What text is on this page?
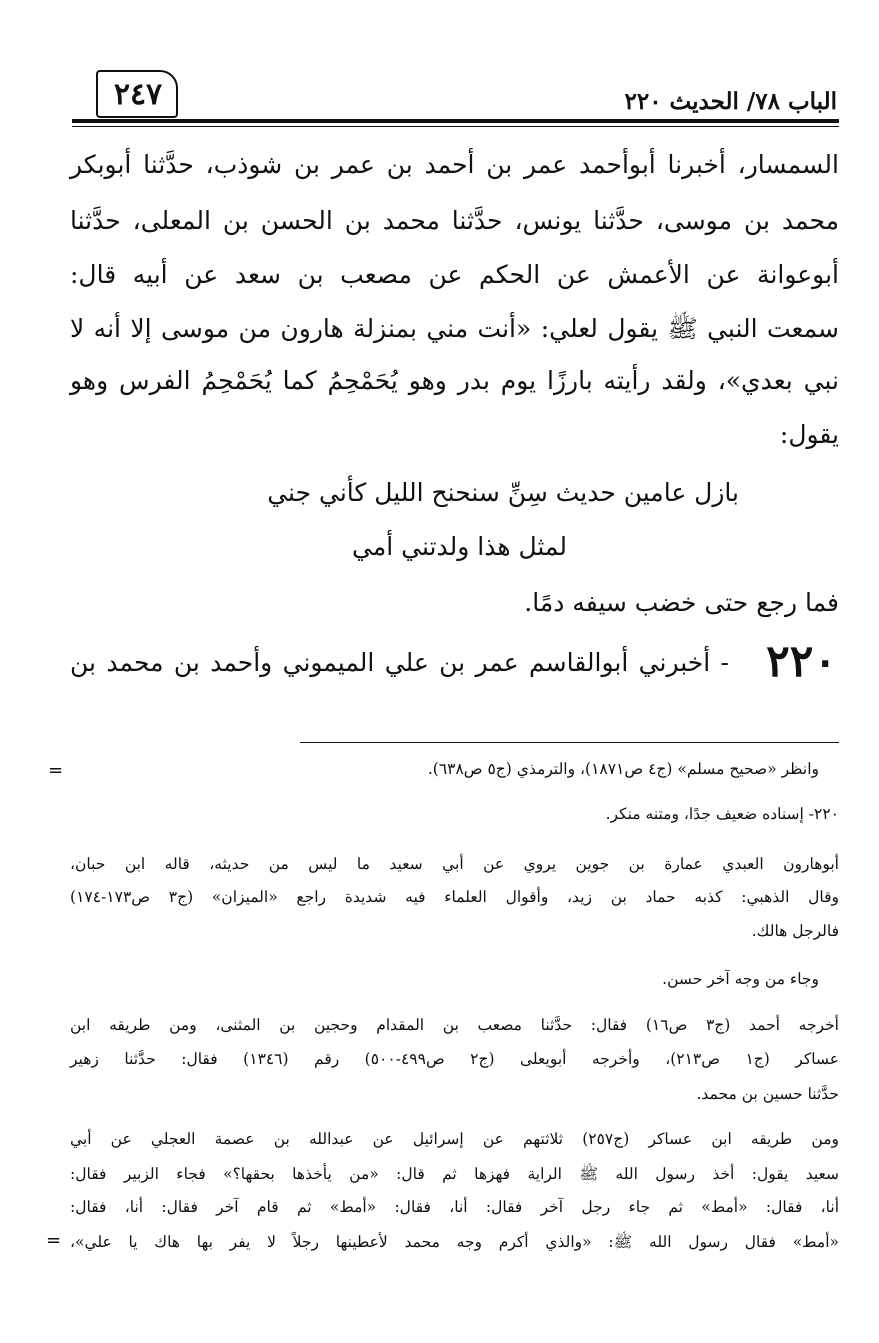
الباب ٧٨/ الحديث ٢٢٠
٢٤٧
السمسار، أخبرنا أبوأحمد عمر بن أحمد بن عمر بن شوذب، حدَّثنا أبوبكر
محمد بن موسى، حدَّثنا يونس، حدَّثنا محمد بن الحسن بن المعلى، حدَّثنا
أبوعوانة عن الأعمش عن الحكم عن مصعب بن سعد عن أبيه قال:
سمعت النبي ﷺ يقول لعلي: «أنت مني بمنزلة هارون من موسى إلا أنه لا
نبي بعدي»، ولقد رأيته بارزًا يوم بدر وهو يُحَمْحِمُ كما يُحَمْحِمُ الفرس وهو
يقول:
بازل عامين حديث سِنِّ سنحنح الليل كأني جني
لمثل هذا ولدتني أمي
فما رجع حتى خضب سيفه دمًا.
٢٢٠
- أخبرني أبوالقاسم عمر بن علي الميموني وأحمد بن محمد بن
=	وانظر «صحيح مسلم» (ج٤ ص١٨٧١)، والترمذي (ج٥ ص٦٣٨).
٢٢٠- إسناده ضعيف جدًا، ومتنه منكر.
أبوهارون العبدي عمارة بن جوين يروي عن أبي سعيد ما ليس من حديثه، قاله ابن حبان،
وقال الذهبي: كذبه حماد بن زيد، وأقوال العلماء فيه شديدة راجع «الميزان» (ج٣ ص١٧٣-١٧٤)
فالرجل هالك.
وجاء من وجه آخر حسن.
أخرجه أحمد (ج٣ ص١٦) فقال: حدَّثنا مصعب بن المقدام وحجين بن المثنى، ومن طريقه ابن
عساكر (ج١ ص٢١٣)، وأخرجه أبويعلى (ج٢ ص٤٩٩-٥٠٠) رقم (١٣٤٦) فقال: حدَّثنا زهير
حدَّثنا حسين بن محمد.
ومن طريقه ابن عساكر (ج٢٥٧) ثلاثتهم عن إسرائيل عن عبدالله بن عصمة العجلي عن أبي
سعيد يقول: أخذ رسول الله ﷺ الراية فهزها ثم قال: «من يأخذها بحقها؟» فجاء الزبير فقال:
أنا، فقال: «أمط» ثم جاء رجل آخر فقال: أنا، فقال: «أمط» ثم قام آخر فقال: أنا، فقال:
«أمط» فقال رسول الله ﷺ: «والذي أكرم وجه محمد لأعطينها رجلاً لا يفر بها هاك يا علي»،
=
